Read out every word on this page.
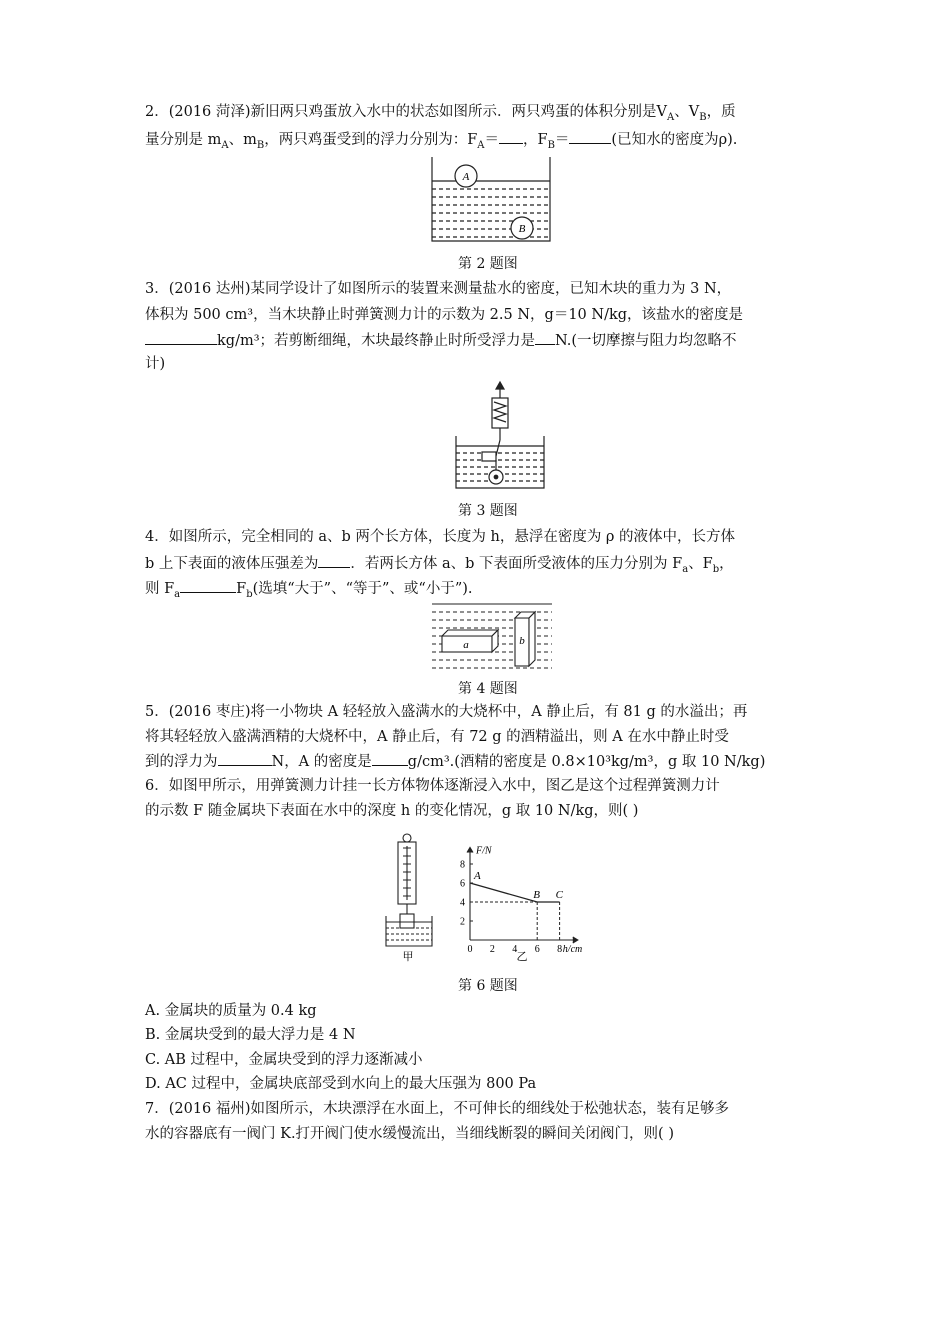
2．(2016 菏泽)新旧两只鸡蛋放入水中的状态如图所示．两只鸡蛋的体积分别是$V_A$、$V_B$，质
量分别是 $m_A$、$m_B$，两只鸡蛋受到的浮力分别为：$F_A=$ ，$F_B=$	(已知水的密度为ρ).
A
B
第 2 题图
3．(2016 达州)某同学设计了如图所示的装置来测量盐水的密度，已知木块的重力为 3 N，
体积为 500 cm³，当木块静止时弹簧测力计的示数为 2.5 N，g＝10 N/kg，该盐水的密度是
kg/m³；若剪断细绳，木块最终静止时所受浮力是 N.(一切摩擦与阻力均忽略不
计)
第 3 题图
4．如图所示，完全相同的 a、b 两个长方体，长度为 h，悬浮在密度为 ρ 的液体中，长方体
b 上下表面的液体压强差为 ．若两长方体 a、b 下表面所受液体的压力分别为 $F_a$、$F_b$，
则 $F_a$	$F_b$(选填“大于”、“等于”、或“小于”).
a	b
第 4 题图
5．(2016 枣庄)将一小物块 A 轻轻放入盛满水的大烧杯中，A 静止后，有 81 g 的水溢出；再
将其轻轻放入盛满酒精的大烧杯中，A 静止后，有 72 g 的酒精溢出，则 A 在水中静止时受
到的浮力为	N，A 的密度是 g/cm³.(酒精的密度是 0.8×10³kg/m³，g 取 10 N/kg)
6．如图甲所示，用弹簧测力计挂一长方体物体逐渐浸入水中，图乙是这个过程弹簧测力计
的示数 F 随金属块下表面在水中的深度 h 的变化情况，g 取 10 N/kg，则( )
甲
A
B C
0 2 4 6 8
2
4
6
8
F/N
h/cm
乙
第 6 题图
A. 金属块的质量为 0.4 kg
B. 金属块受到的最大浮力是 4 N
C. AB 过程中，金属块受到的浮力逐渐减小
D. AC 过程中，金属块底部受到水向上的最大压强为 800 Pa
7．(2016 福州)如图所示，木块漂浮在水面上，不可伸长的细线处于松弛状态，装有足够多
水的容器底有一阀门 K.打开阀门使水缓慢流出，当细线断裂的瞬间关闭阀门，则( )
